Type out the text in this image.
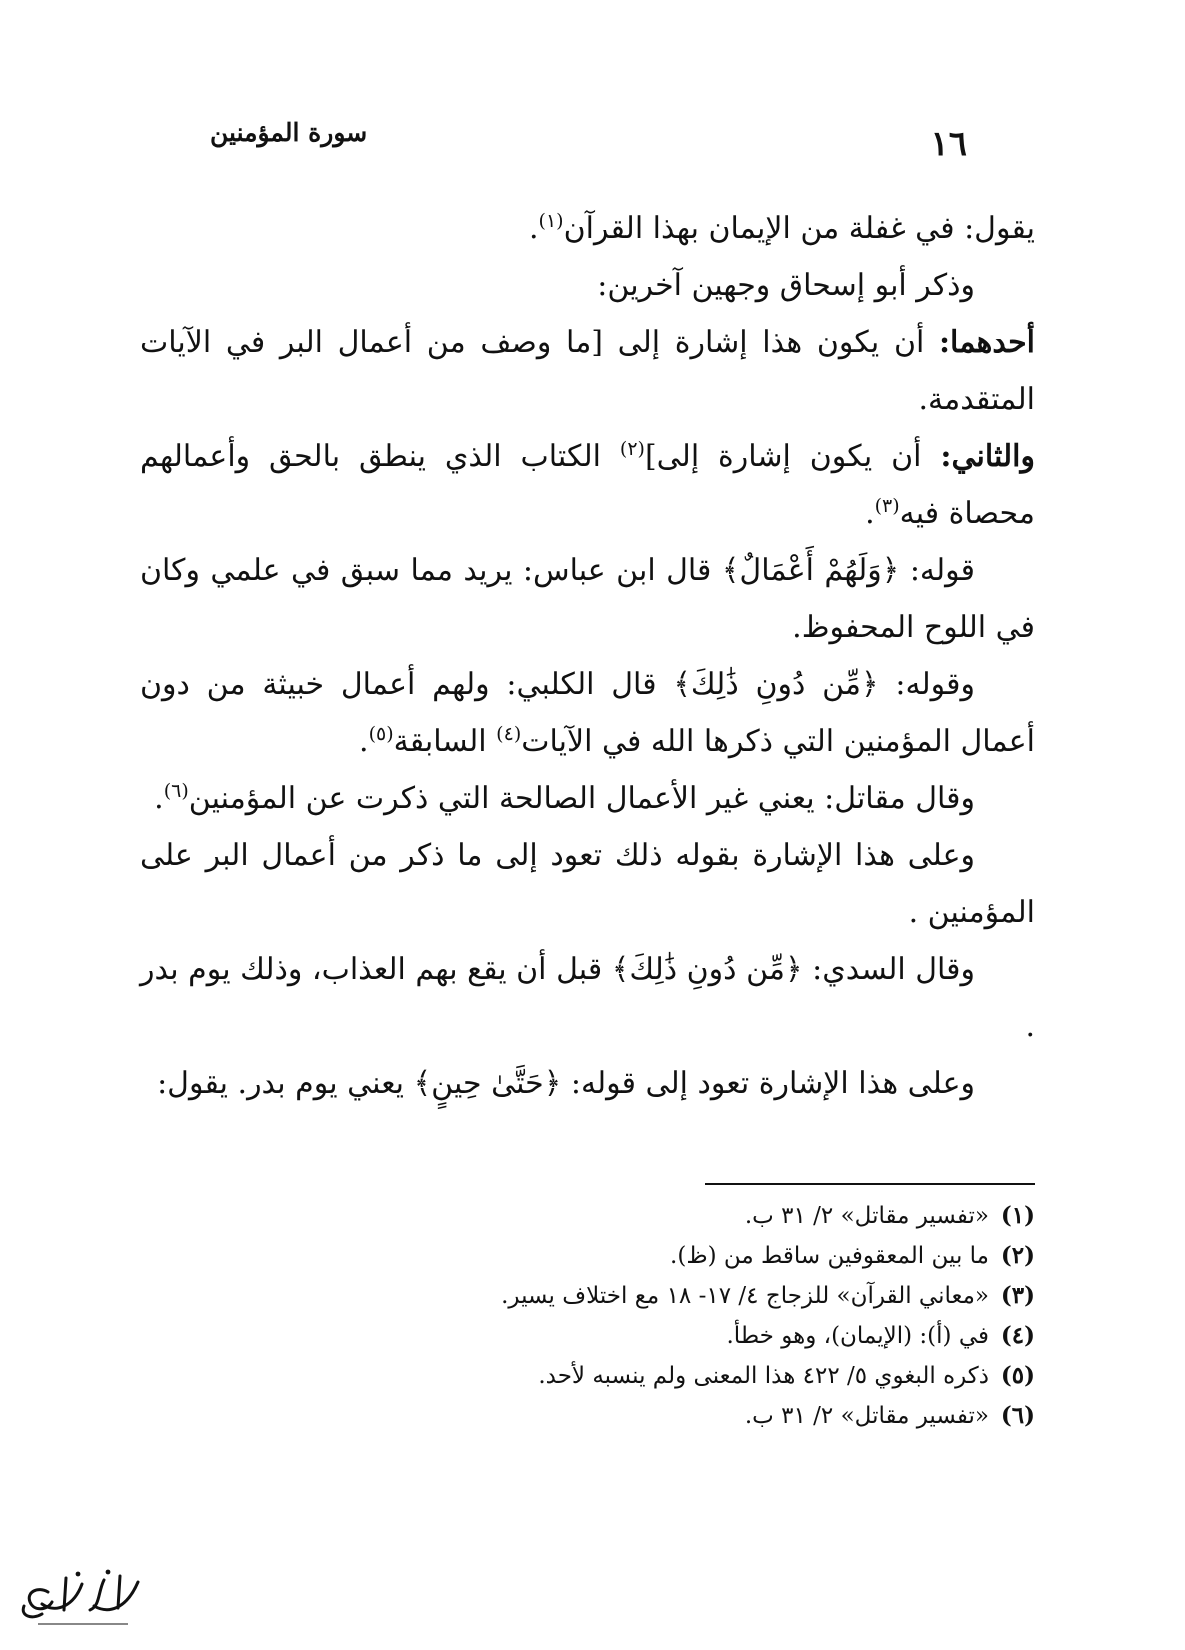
١٦
سورة المؤمنين

يقول: في غفلة من الإيمان بهذا القرآن$^{(١)}$.

وذكر أبو إسحاق وجهين آخرين:

أحدهما: أن يكون هذا إشارة إلى [ما وصف من أعمال البر في الآيات المتقدمة.

والثاني: أن يكون إشارة إلى]$^{(٢)}$ الكتاب الذي ينطق بالحق وأعمالهم محصاة فيه$^{(٣)}$.

قوله: ﴿وَلَهُمْ أَعْمَالٌ﴾ قال ابن عباس: يريد مما سبق في علمي وكان في اللوح المحفوظ.

وقوله: ﴿مِّن دُونِ ذَٰلِكَ﴾ قال الكلبي: ولهم أعمال خبيثة من دون أعمال المؤمنين التي ذكرها الله في الآيات$^{(٤)}$ السابقة$^{(٥)}$.

وقال مقاتل: يعني غير الأعمال الصالحة التي ذكرت عن المؤمنين$^{(٦)}$.

وعلى هذا الإشارة بقوله ذلك تعود إلى ما ذكر من أعمال البر على المؤمنين .

وقال السدي: ﴿مِّن دُونِ ذَٰلِكَ﴾ قبل أن يقع بهم العذاب، وذلك يوم بدر .

وعلى هذا الإشارة تعود إلى قوله: ﴿حَتَّىٰ حِينٍ﴾ يعني يوم بدر. يقول:

(١)«تفسير مقاتل» ٢/ ٣١ ب.

(٢)ما بين المعقوفين ساقط من (ظ).

(٣)«معاني القرآن» للزجاج ٤/ ١٧- ١٨ مع اختلاف يسير.

(٤)في (أ): (الإيمان)، وهو خطأ.

(٥)ذكره البغوي ٥/ ٤٢٢ هذا المعنى ولم ينسبه لأحد.

(٦)«تفسير مقاتل» ٢/ ٣١ ب.
